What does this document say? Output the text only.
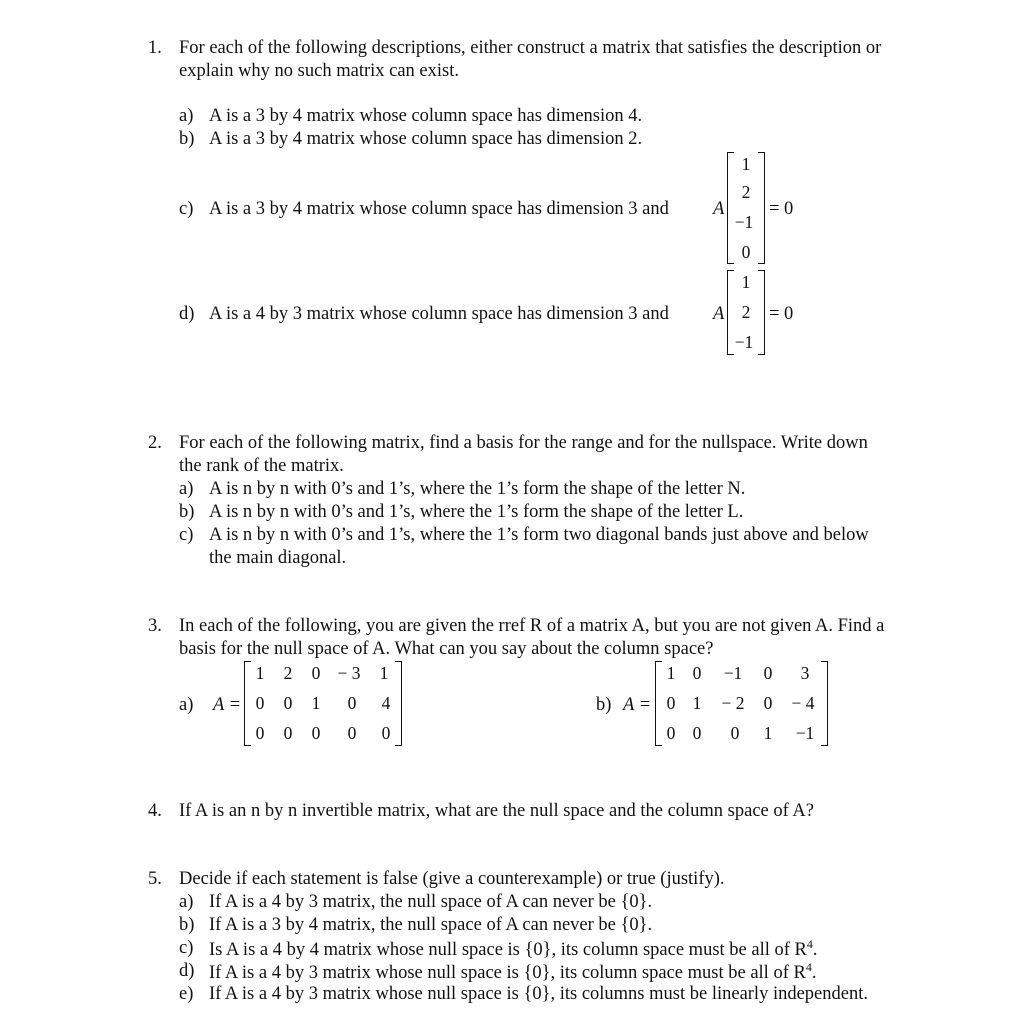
1. For each of the following descriptions, either construct a matrix that satisfies the description or
explain why no such matrix can exist.
a) A is a 3 by 4 matrix whose column space has dimension 4.
b) A is a 3 by 4 matrix whose column space has dimension 2.
c) A is a 3 by 4 matrix whose column space has dimension 3 and A
1
2
−1
0
= 0
d) A is a 4 by 3 matrix whose column space has dimension 3 and A
1
2
−1
= 0
2. For each of the following matrix, find a basis for the range and for the nullspace. Write down
the rank of the matrix.
a) A is n by n with 0’s and 1’s, where the 1’s form the shape of the letter N.
b) A is n by n with 0’s and 1’s, where the 1’s form the shape of the letter L.
c) A is n by n with 0’s and 1’s, where the 1’s form two diagonal bands just above and below
the main diagonal.
3. In each of the following, you are given the rref R of a matrix A, but you are not given A. Find a
basis for the null space of A. What can you say about the column space?
a) A =
1	2	0 − 3	1
0	0	1	0	4
0	0	0	0	0
b) A =
1 0	−1	0	3
0 1	− 2	0	− 4
0 0	0	1	−1
4. If A is an n by n invertible matrix, what are the null space and the column space of A?
5. Decide if each statement is false (give a counterexample) or true (justify).
a) If A is a 4 by 3 matrix, the null space of A can never be {0}.
b) If A is a 3 by 4 matrix, the null space of A can never be {0}.
c) Is A is a 4 by 4 matrix whose null space is {0}, its column space must be all of $R^4$.
d) If A is a 4 by 3 matrix whose null space is {0}, its column space must be all of $R^4$.
e) If A is a 4 by 3 matrix whose null space is {0}, its columns must be linearly independent.
